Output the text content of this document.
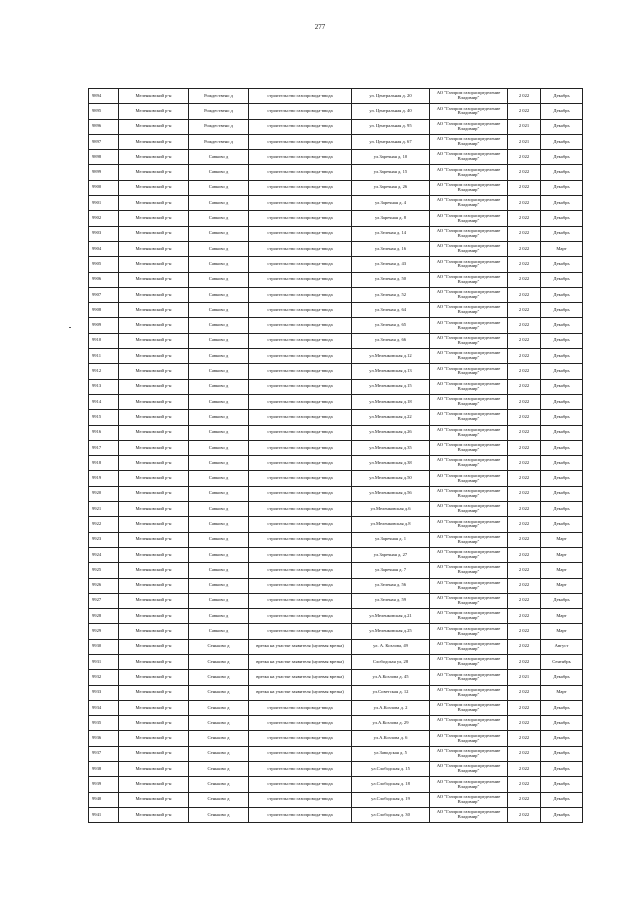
277
9894	Меленковский р-н	Рождествено д	строительство газопровода-ввода	ул. Центральная д. 20	АО "Газпром газораспределение Владимир"	2 022	Декабрь
9895	Меленковский р-н	Рождествено д	строительство газопровода-ввода	ул. Центральная д. 40	АО "Газпром газораспределение Владимир"	2 022	Декабрь
9896	Меленковский р-н	Рождествено д	строительство газопровода-ввода	ул. Центральная д. 95	АО "Газпром газораспределение Владимир"	2 021	Декабрь
9897	Меленковский р-н	Рождествено д	строительство газопровода-ввода	ул. Центральная д. 67	АО "Газпром газораспределение Владимир"	2 021	Декабрь
9898	Меленковский р-н	Савково д	строительство газопровода-ввода	ул.Заречная д. 10	АО "Газпром газораспределение Владимир"	2 022	Декабрь
9899	Меленковский р-н	Савково д	строительство газопровода-ввода	ул.Заречная д. 15	АО "Газпром газораспределение Владимир"	2 022	Декабрь
9900	Меленковский р-н	Савково д	строительство газопровода-ввода	ул.Заречная д. 26	АО "Газпром газораспределение Владимир"	2 022	Декабрь
9901	Меленковский р-н	Савково д	строительство газопровода-ввода	ул.Заречная д. 4	АО "Газпром газораспределение Владимир"	2 022	Декабрь
9902	Меленковский р-н	Савково д	строительство газопровода-ввода	ул.Заречная д. 8	АО "Газпром газораспределение Владимир"	2 022	Декабрь
9903	Меленковский р-н	Савково д	строительство газопровода-ввода	ул.Зеленая д. 14	АО "Газпром газораспределение Владимир"	2 022	Декабрь
9904	Меленковский р-н	Савково д	строительство газопровода-ввода	ул.Зеленая д. 16	АО "Газпром газораспределение Владимир"	2 022	Март
9905	Меленковский р-н	Савково д	строительство газопровода-ввода	ул.Зеленая д. 43	АО "Газпром газораспределение Владимир"	2 022	Декабрь
9906	Меленковский р-н	Савково д	строительство газопровода-ввода	ул.Зеленая д. 50	АО "Газпром газораспределение Владимир"	2 022	Декабрь
9907	Меленковский р-н	Савково д	строительство газопровода-ввода	ул.Зеленая д. 52	АО "Газпром газораспределение Владимир"	2 022	Декабрь
9908	Меленковский р-н	Савково д	строительство газопровода-ввода	ул.Зеленая д. 64	АО "Газпром газораспределение Владимир"	2 022	Декабрь
9909	Меленковский р-н	Савково д	строительство газопровода-ввода	ул.Зеленая д. 65	АО "Газпром газораспределение Владимир"	2 022	Декабрь
9910	Меленковский р-н	Савково д	строительство газопровода-ввода	ул.Зеленая д. 66	АО "Газпром газораспределение Владимир"	2 022	Декабрь
9911	Меленковский р-н	Савково д	строительство газопровода-ввода	ул.Меленковская д.12	АО "Газпром газораспределение Владимир"	2 022	Декабрь
9912	Меленковский р-н	Савково д	строительство газопровода-ввода	ул.Меленковская д.13	АО "Газпром газораспределение Владимир"	2 022	Декабрь
9913	Меленковский р-н	Савково д	строительство газопровода-ввода	ул.Меленковская д.15	АО "Газпром газораспределение Владимир"	2 022	Декабрь
9914	Меленковский р-н	Савково д	строительство газопровода-ввода	ул.Меленковская д.18	АО "Газпром газораспределение Владимир"	2 022	Декабрь
9915	Меленковский р-н	Савково д	строительство газопровода-ввода	ул.Меленковская д.22	АО "Газпром газораспределение Владимир"	2 022	Декабрь
9916	Меленковский р-н	Савково д	строительство газопровода-ввода	ул.Меленковская д.26	АО "Газпром газораспределение Владимир"	2 022	Декабрь
9917	Меленковский р-н	Савково д	строительство газопровода-ввода	ул.Меленковская д.35	АО "Газпром газораспределение Владимир"	2 022	Декабрь
9918	Меленковский р-н	Савково д	строительство газопровода-ввода	ул.Меленковская д.38	АО "Газпром газораспределение Владимир"	2 022	Декабрь
9919	Меленковский р-н	Савково д	строительство газопровода-ввода	ул.Меленковская д.50	АО "Газпром газораспределение Владимир"	2 022	Декабрь
9920	Меленковский р-н	Савково д	строительство газопровода-ввода	ул.Меленковская д.56	АО "Газпром газораспределение Владимир"	2 022	Декабрь
9921	Меленковский р-н	Савково д	строительство газопровода-ввода	ул.Меленковская д.6	АО "Газпром газораспределение Владимир"	2 022	Декабрь
9922	Меленковский р-н	Савково д	строительство газопровода-ввода	ул.Меленковская д.8	АО "Газпром газораспределение Владимир"	2 022	Декабрь
9923	Меленковский р-н	Савково д	строительство газопровода-ввода	ул.Заречная д. 1	АО "Газпром газораспределение Владимир"	2 022	Март
9924	Меленковский р-н	Савково д	строительство газопровода-ввода	ул.Заречная д. 27	АО "Газпром газораспределение Владимир"	2 022	Март
9925	Меленковский р-н	Савково д	строительство газопровода-ввода	ул.Заречная д. 7	АО "Газпром газораспределение Владимир"	2 022	Март
9926	Меленковский р-н	Савково д	строительство газопровода-ввода	ул.Зеленая д. 56	АО "Газпром газораспределение Владимир"	2 022	Март
9927	Меленковский р-н	Савково д	строительство газопровода-ввода	ул.Зеленая д. 59	АО "Газпром газораспределение Владимир"	2 022	Декабрь
9928	Меленковский р-н	Савково д	строительство газопровода-ввода	ул.Меленковская д.21	АО "Газпром газораспределение Владимир"	2 022	Март
9929	Меленковский р-н	Савково д	строительство газопровода-ввода	ул.Меленковская д.25	АО "Газпром газораспределение Владимир"	2 022	Март
9930	Меленковский р-н	Сеньково д	врезка на участке заявителя (нулевая врезка)	ул. А. Козлова, 49	АО "Газпром газораспределение Владимир"	2 022	Август
9931	Меленковский р-н	Сеньково д	врезка на участке заявителя (нулевая врезка)	Слободская ул, 28	АО "Газпром газораспределение Владимир"	2 022	Сентябрь
9932	Меленковский р-н	Сеньково д	врезка на участке заявителя (нулевая врезка)	ул.А.Козлова д. 45	АО "Газпром газораспределение Владимир"	2 021	Декабрь
9933	Меленковский р-н	Сеньково д	врезка на участке заявителя (нулевая врезка)	ул.Советская д. 12	АО "Газпром газораспределение Владимир"	2 022	Март
9934	Меленковский р-н	Сеньково д	строительство газопровода-ввода	ул.А.Козлова д. 2	АО "Газпром газораспределение Владимир"	2 022	Декабрь
9935	Меленковский р-н	Сеньково д	строительство газопровода-ввода	ул.А.Козлова д. 29	АО "Газпром газораспределение Владимир"	2 022	Декабрь
9936	Меленковский р-н	Сеньково д	строительство газопровода-ввода	ул.А.Козлова д. 6	АО "Газпром газораспределение Владимир"	2 022	Декабрь
9937	Меленковский р-н	Сеньково д	строительство газопровода-ввода	ул.Заводская д. 5	АО "Газпром газораспределение Владимир"	2 022	Декабрь
9938	Меленковский р-н	Сеньково д	строительство газопровода-ввода	ул.Слободская д. 15	АО "Газпром газораспределение Владимир"	2 022	Декабрь
9939	Меленковский р-н	Сеньково д	строительство газопровода-ввода	ул.Слободская д. 18	АО "Газпром газораспределение Владимир"	2 022	Декабрь
9940	Меленковский р-н	Сеньково д	строительство газопровода-ввода	ул.Слободская д. 19	АО "Газпром газораспределение Владимир"	2 022	Декабрь
9941	Меленковский р-н	Сеньково д	строительство газопровода-ввода	ул.Слободская д. 30	АО "Газпром газораспределение Владимир"	2 022	Декабрь
